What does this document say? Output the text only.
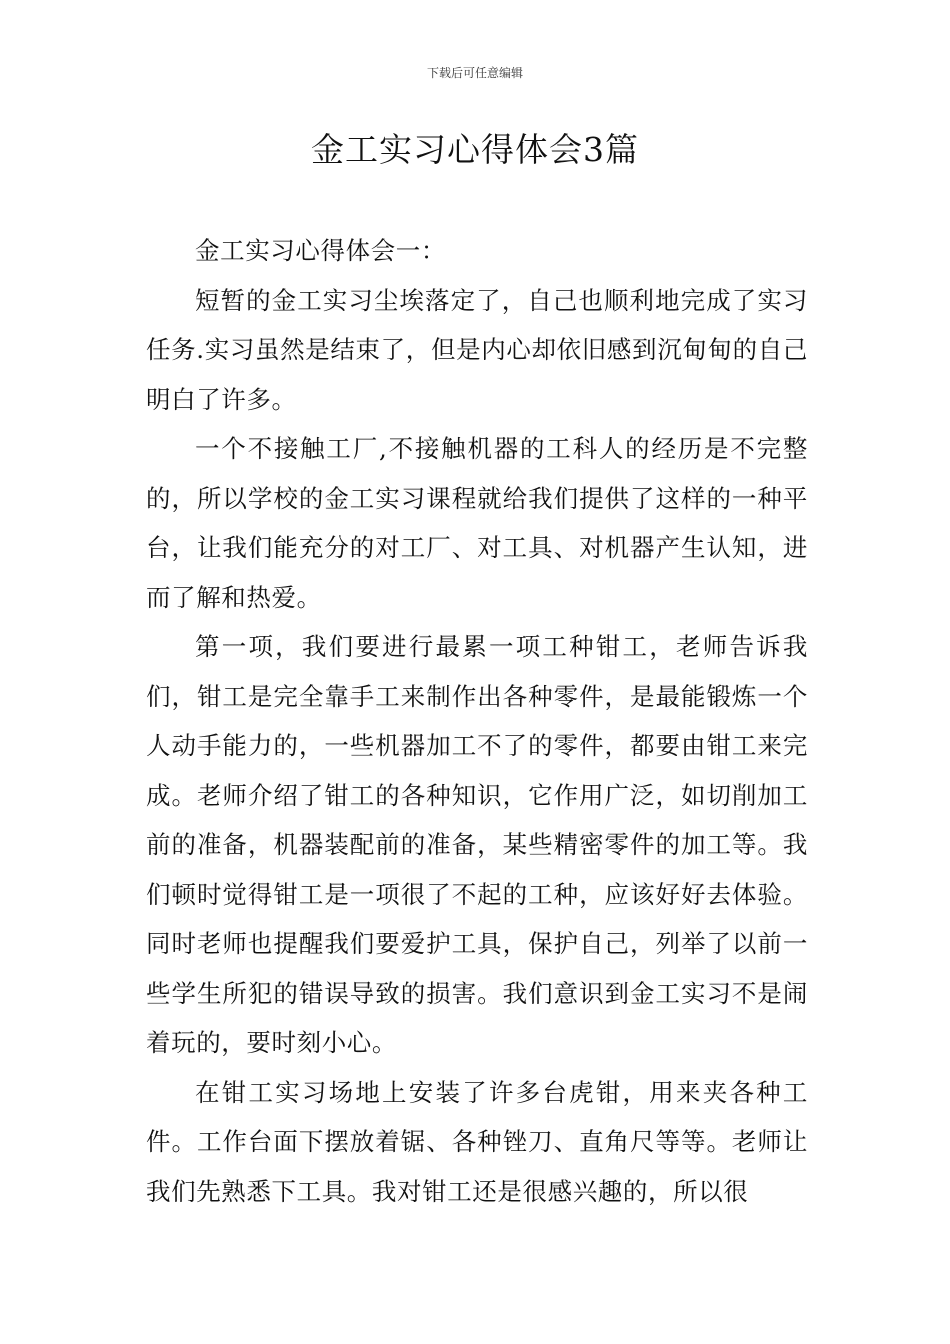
下载后可任意编辑
金工实习心得体会3篇

金工实习心得体会一：

短暂的金工实习尘埃落定了，自己也顺利地完成了实习任务.实习虽然是结束了，但是内心却依旧感到沉甸甸的自己明白了许多。

一个不接触工厂,不接触机器的工科人的经历是不完整的，所以学校的金工实习课程就给我们提供了这样的一种平台，让我们能充分的对工厂、对工具、对机器产生认知，进而了解和热爱。

第一项，我们要进行最累一项工种钳工，老师告诉我们，钳工是完全靠手工来制作出各种零件，是最能锻炼一个人动手能力的，一些机器加工不了的零件，都要由钳工来完成。老师介绍了钳工的各种知识，它作用广泛，如切削加工前的准备，机器装配前的准备，某些精密零件的加工等。我们顿时觉得钳工是一项很了不起的工种，应该好好去体验。同时老师也提醒我们要爱护工具，保护自己，列举了以前一些学生所犯的错误导致的损害。我们意识到金工实习不是闹着玩的，要时刻小心。

在钳工实习场地上安装了许多台虎钳，用来夹各种工件。工作台面下摆放着锯、各种锉刀、直角尺等等。老师让我们先熟悉下工具。我对钳工还是很感兴趣的，所以很
